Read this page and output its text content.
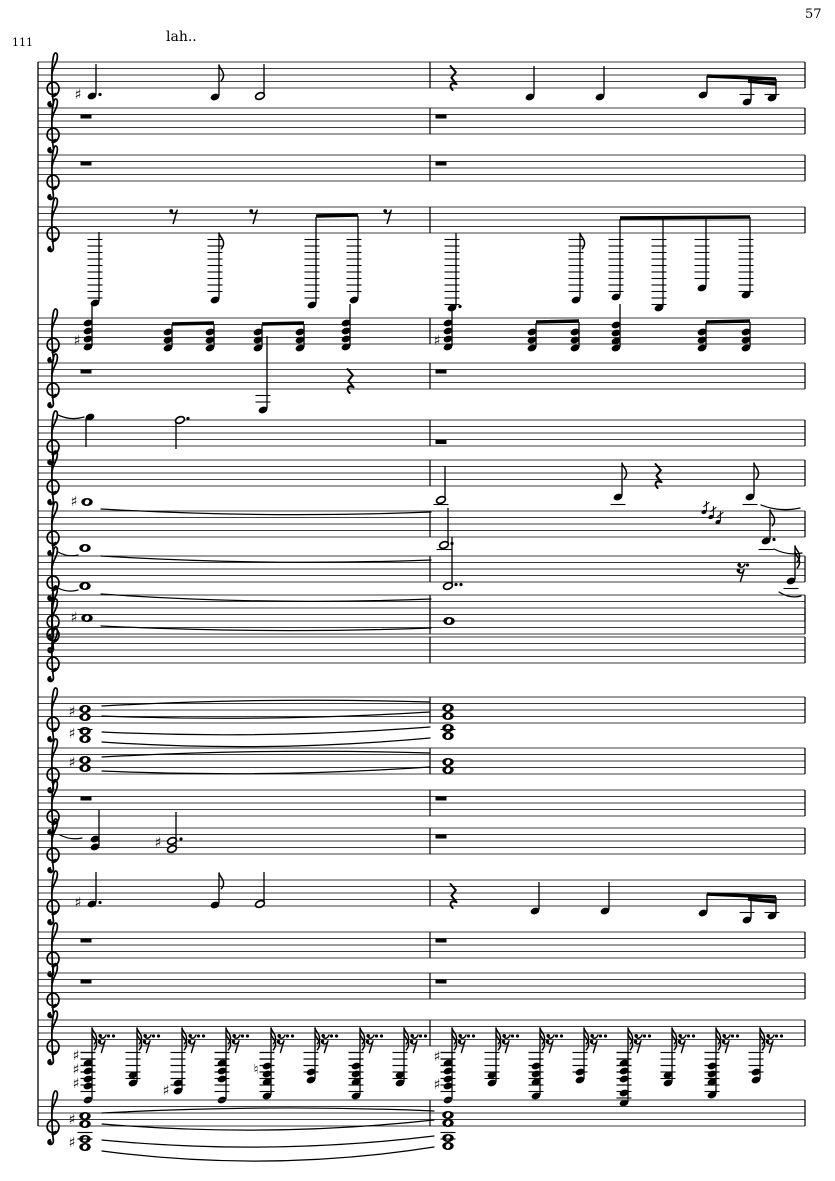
♯
♯	♯
♯
♯
♯
♯
♯
♯
♯
♯
♯
♯	♯
♮
♯
♯
♯
♯
111	lah..
57
